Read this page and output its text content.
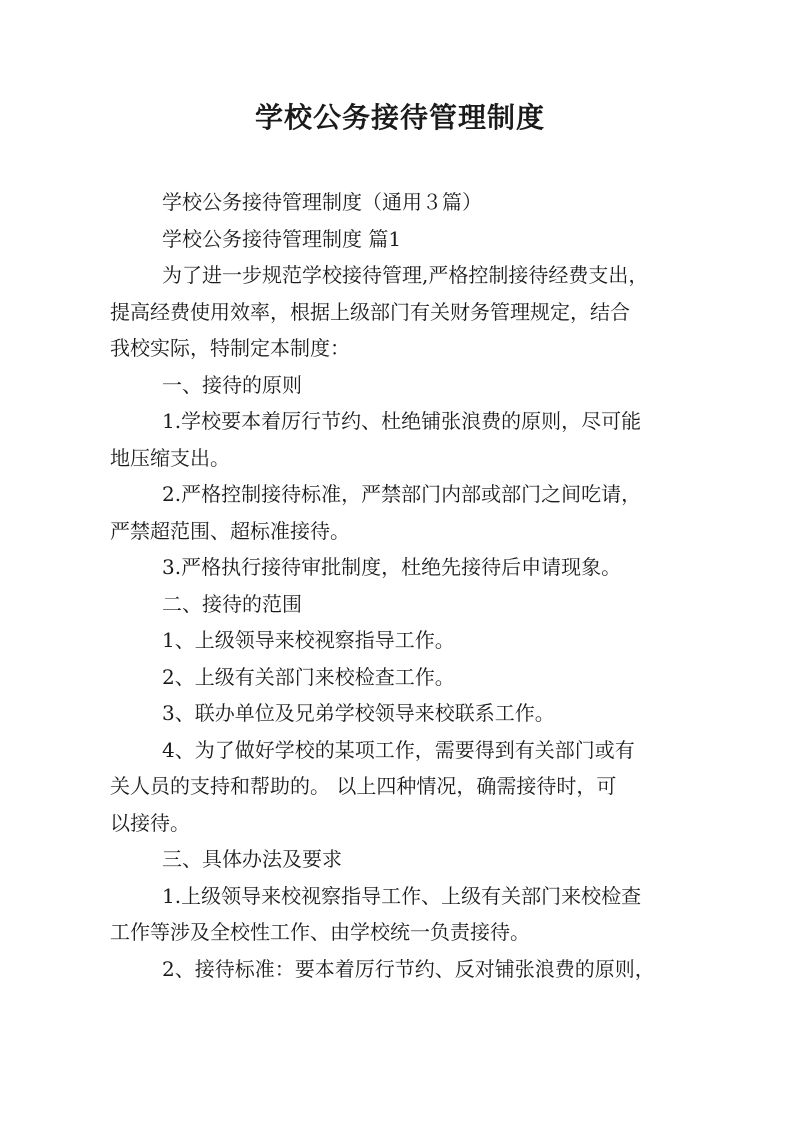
学校公务接待管理制度
学校公务接待管理制度（通用３篇）
学校公务接待管理制度 篇1
为了进一步规范学校接待管理,严格控制接待经费支出，
提高经费使用效率，根据上级部门有关财务管理规定，结合
我校实际，特制定本制度：
一、接待的原则
1.学校要本着厉行节约、杜绝铺张浪费的原则，尽可能
地压缩支出。
2.严格控制接待标准，严禁部门内部或部门之间吃请，
严禁超范围、超标准接待。
3.严格执行接待审批制度，杜绝先接待后申请现象。
二、接待的范围
1、上级领导来校视察指导工作。
2、上级有关部门来校检查工作。
3、联办单位及兄弟学校领导来校联系工作。
4、为了做好学校的某项工作，需要得到有关部门或有
关人员的支持和帮助的。 以上四种情况，确需接待时，可
以接待。
三、具体办法及要求
1.上级领导来校视察指导工作、上级有关部门来校检查
工作等涉及全校性工作、由学校统一负责接待。
2、接待标准：要本着厉行节约、反对铺张浪费的原则，
